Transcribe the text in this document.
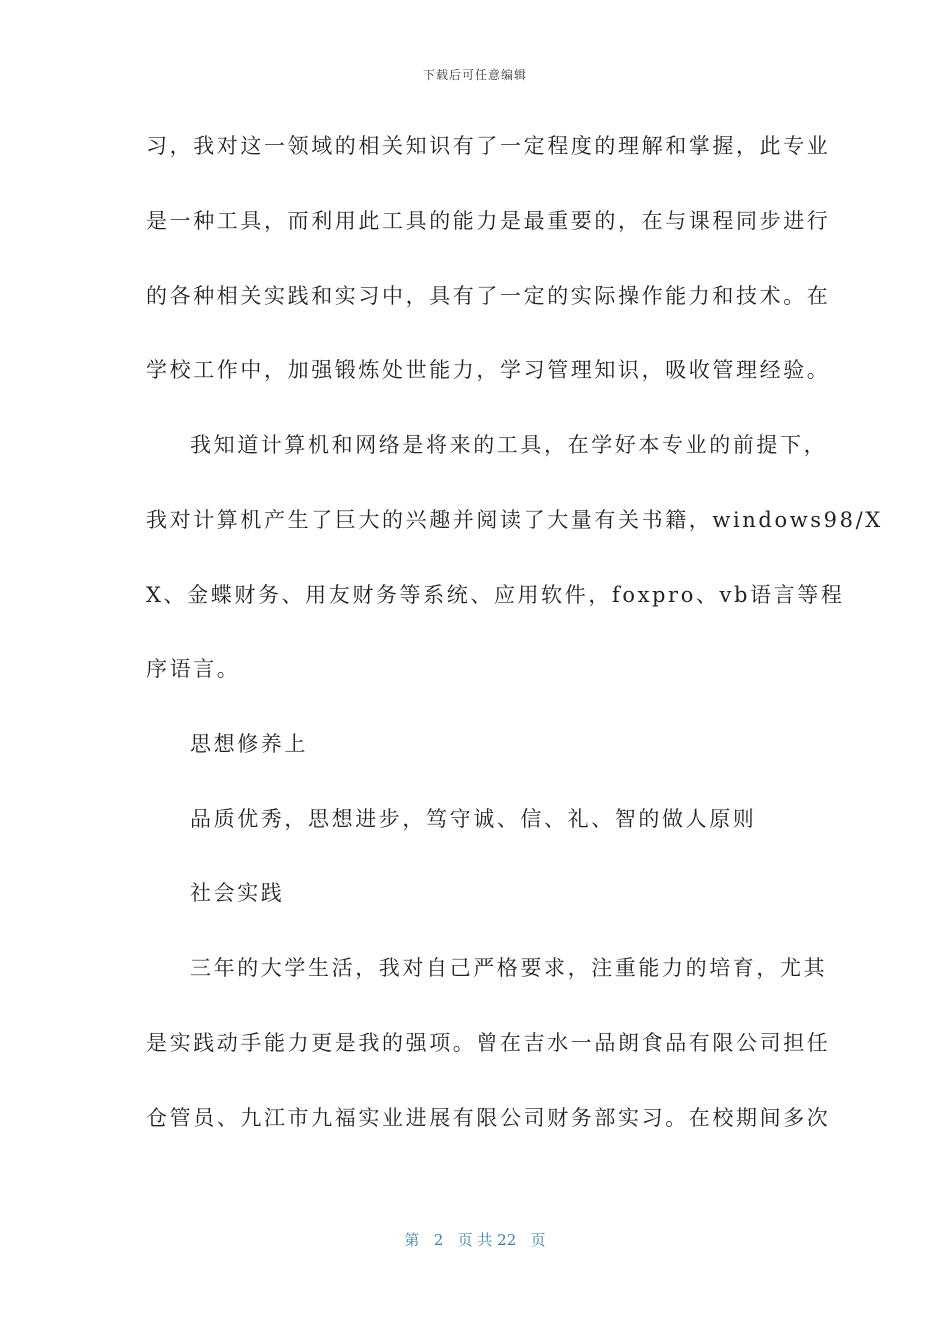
下载后可任意编辑
习，我对这一领域的相关知识有了一定程度的理解和掌握，此专业
是一种工具，而利用此工具的能力是最重要的，在与课程同步进行
的各种相关实践和实习中，具有了一定的实际操作能力和技术。在
学校工作中，加强锻炼处世能力，学习管理知识，吸收管理经验。
我知道计算机和网络是将来的工具，在学好本专业的前提下，
我对计算机产生了巨大的兴趣并阅读了大量有关书籍，windows98/X
X、金蝶财务、用友财务等系统、应用软件，foxpro、vb语言等程
序语言。
思想修养上
品质优秀，思想进步，笃守诚、信、礼、智的做人原则
社会实践
三年的大学生活，我对自己严格要求，注重能力的培育，尤其
是实践动手能力更是我的强项。曾在吉水一品朗食品有限公司担任
仓管员、九江市九福实业进展有限公司财务部实习。在校期间多次
第 2 页 共 22 页
